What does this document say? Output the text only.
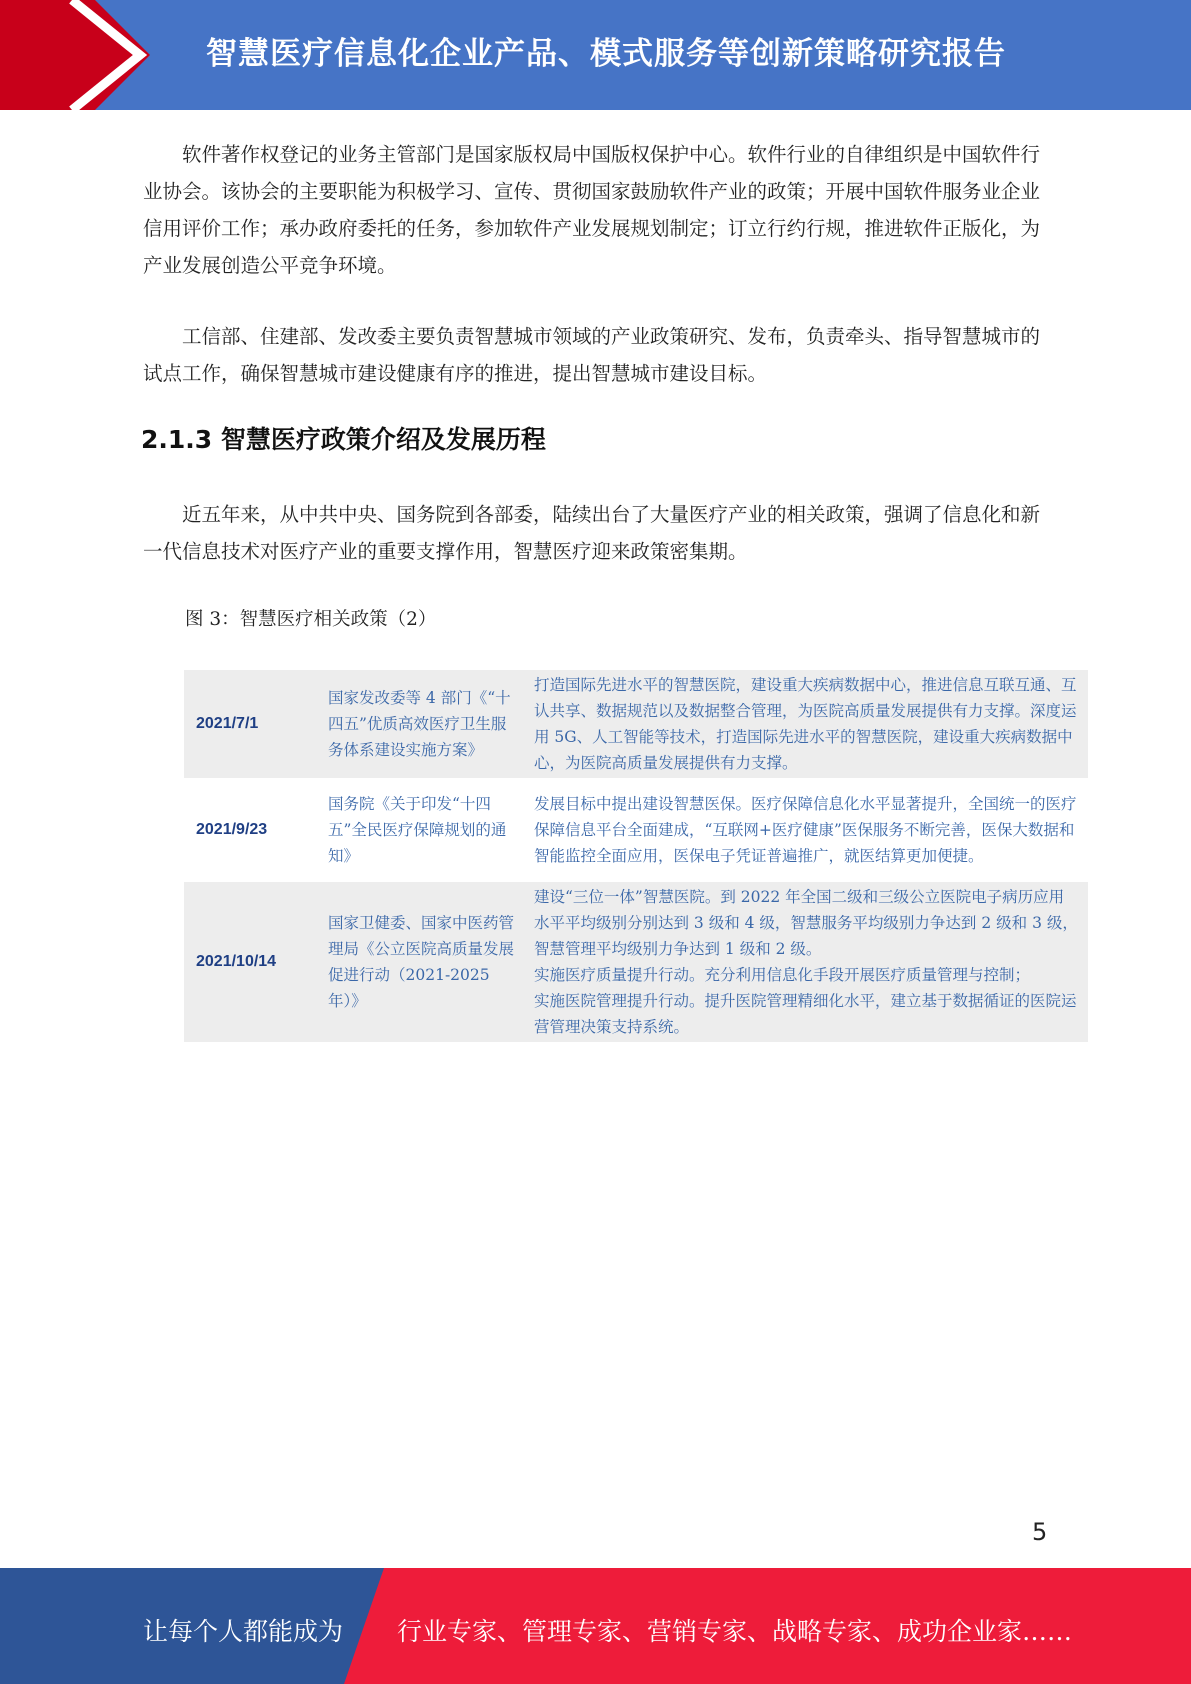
智慧医疗信息化企业产品、模式服务等创新策略研究报告

软件著作权登记的业务主管部门是国家版权局中国版权保护中心。软件行业的自律组织是中国软件行业协会。该协会的主要职能为积极学习、宣传、贯彻国家鼓励软件产业的政策；开展中国软件服务业企业信用评价工作；承办政府委托的任务，参加软件产业发展规划制定；订立行约行规，推进软件正版化，为产业发展创造公平竞争环境。

工信部、住建部、发改委主要负责智慧城市领域的产业政策研究、发布，负责牵头、指导智慧城市的试点工作，确保智慧城市建设健康有序的推进，提出智慧城市建设目标。

2.1.3 智慧医疗政策介绍及发展历程

近五年来，从中共中央、国务院到各部委，陆续出台了大量医疗产业的相关政策，强调了信息化和新一代信息技术对医疗产业的重要支撑作用，智慧医疗迎来政策密集期。

图 3：智慧医疗相关政策（2）

2021/7/1	国家发改委等 4 部门《“十四五”优质高效医疗卫生服务体系建设实施方案》	打造国际先进水平的智慧医院，建设重大疾病数据中心，推进信息互联互通、互认共享、数据规范以及数据整合管理，为医院高质量发展提供有力支撑。深度运用 5G、人工智能等技术，打造国际先进水平的智慧医院，建设重大疾病数据中心，为医院高质量发展提供有力支撑。

2021/9/23	国务院《关于印发“十四五”全民医疗保障规划的通知》	发展目标中提出建设智慧医保。医疗保障信息化水平显著提升，全国统一的医疗保障信息平台全面建成，“互联网+医疗健康”医保服务不断完善，医保大数据和智能监控全面应用，医保电子凭证普遍推广，就医结算更加便捷。

2021/10/14	国家卫健委、国家中医药管理局《公立医院高质量发展促进行动（2021-2025 年）》	建设“三位一体”智慧医院。到 2022 年全国二级和三级公立医院电子病历应用水平平均级别分别达到 3 级和 4 级，智慧服务平均级别力争达到 2 级和 3 级，智慧管理平均级别力争达到 1 级和 2 级。
实施医疗质量提升行动。充分利用信息化手段开展医疗质量管理与控制；
实施医院管理提升行动。提升医院管理精细化水平，建立基于数据循证的医院运营管理决策支持系统。
5
让每个人都能成为 行业专家、管理专家、营销专家、战略专家、成功企业家……
